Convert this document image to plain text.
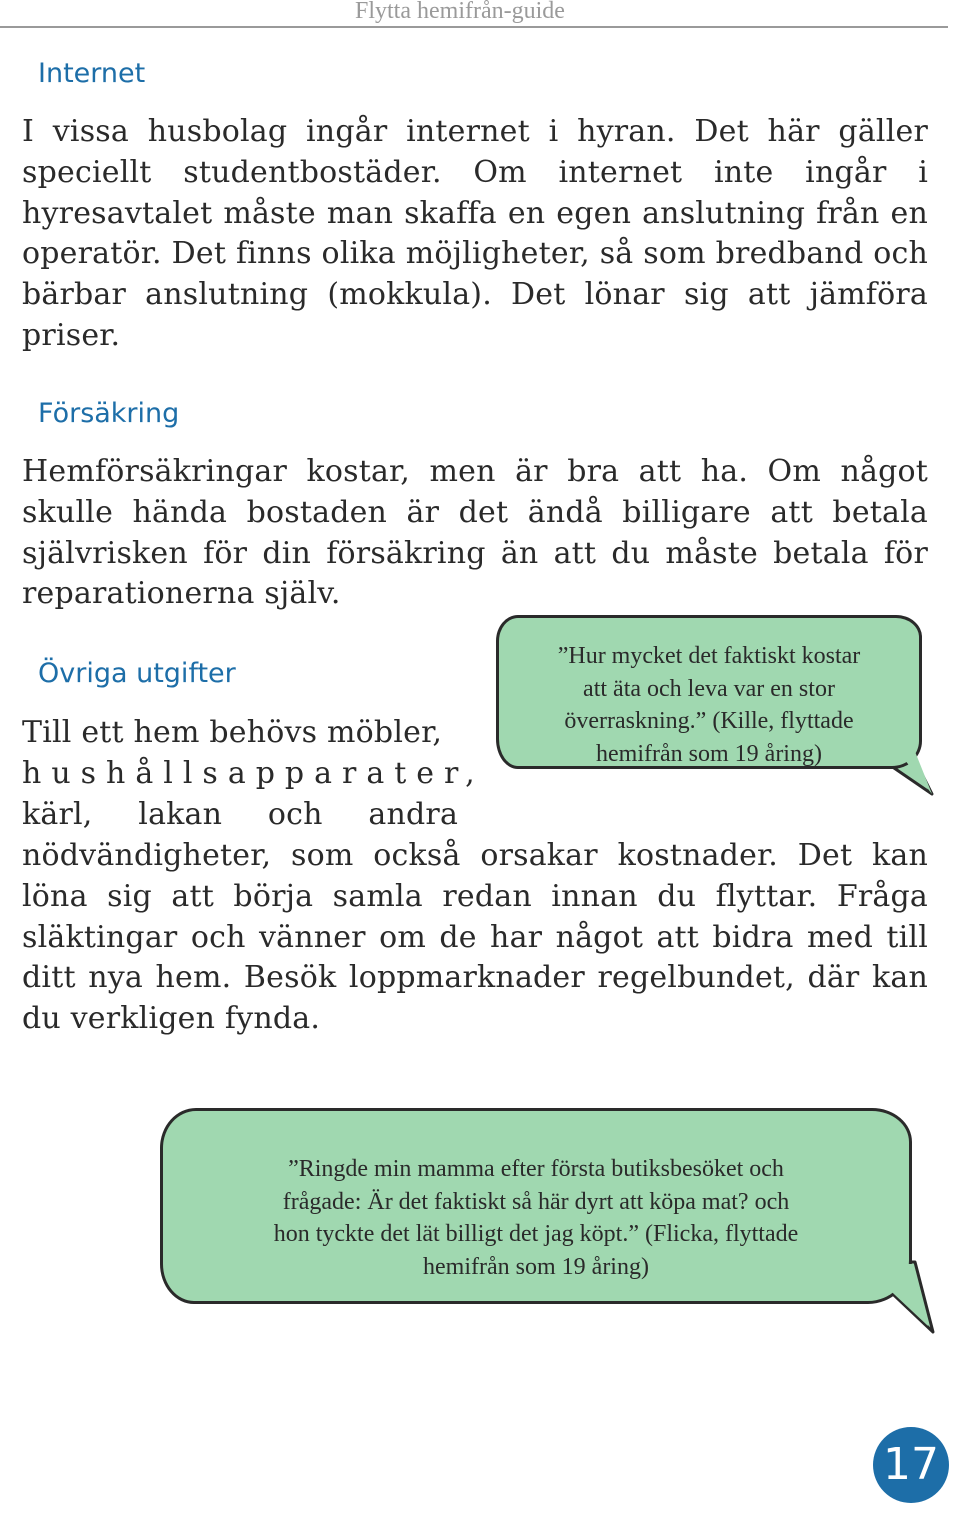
Flytta hemifrån-guide
Internet

I vissa husbolag ingår internet i hyran. Det här gäller speciellt studentbostäder. Om internet inte ingår i hyresavtalet måste man skaffa en egen anslutning från en operatör. Det finns olika möjligheter, så som bredband och bärbar anslutning (mokkula). Det lönar sig att jämföra priser.

Försäkring

Hemförsäkringar kostar, men är bra att ha. Om något skulle hända bostaden är det ändå billigare att betala självrisken för din försäkring än att du måste betala för reparationerna själv.

Övriga utgifter

Till ett hem behövs möbler,

hushållsapparater,

kärl, lakan och andra

nödvändigheter, som också orsakar kostnader. Det kan löna sig att börja samla redan innan du flyttar. Fråga släktingar och vänner om de har något att bidra med till ditt nya hem. Besök loppmarknader regelbundet, där kan du verkligen fynda.

”Hur mycket det faktiskt kostar
att äta och leva var en stor
överraskning.” (Kille, flyttade
hemifrån som 19 åring)
”Ringde min mamma efter första butiksbesöket och
frågade: Är det faktiskt så här dyrt att köpa mat? och
hon tyckte det lät billigt det jag köpt.” (Flicka, flyttade
hemifrån som 19 åring)
17
